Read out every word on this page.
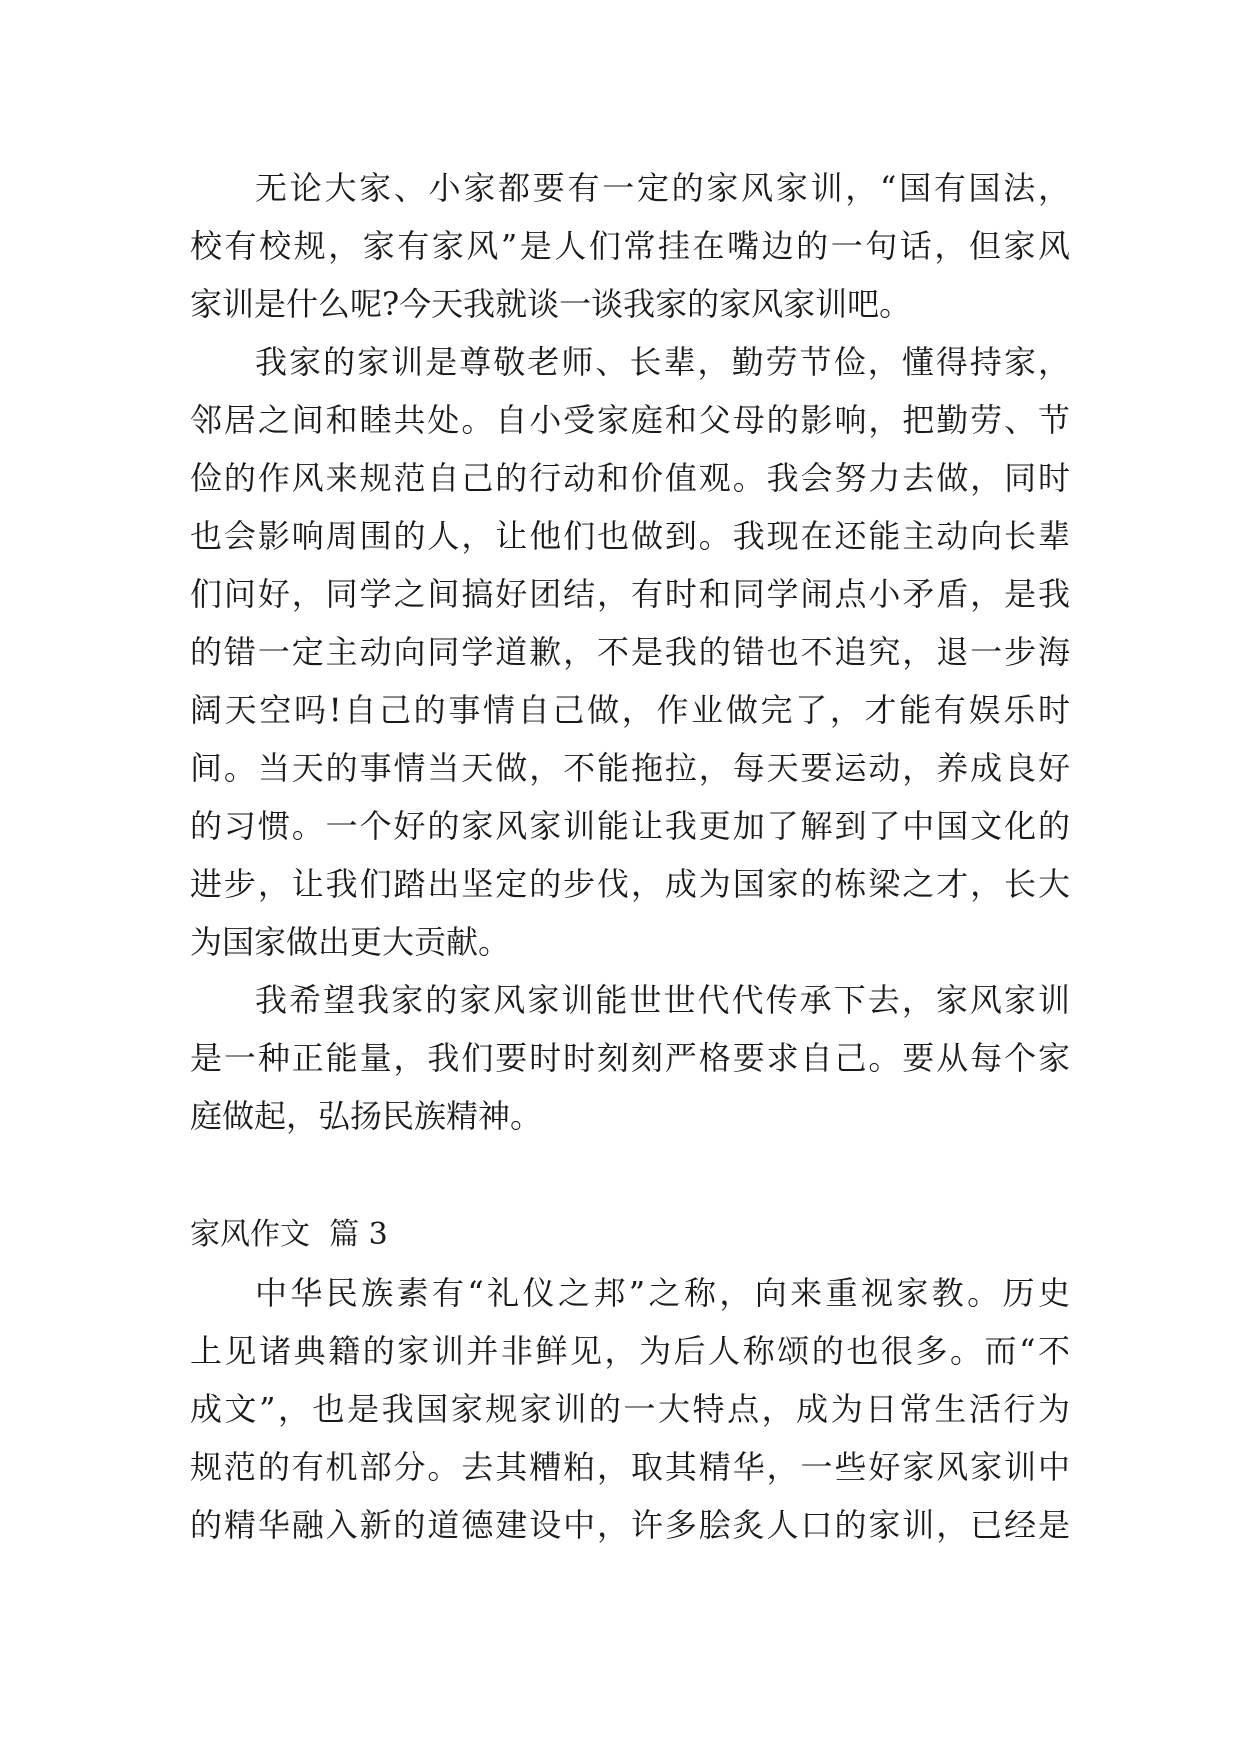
无论大家、小家都要有一定的家风家训，“国有国法，
校有校规，家有家风”是人们常挂在嘴边的一句话，但家风
家训是什么呢?今天我就谈一谈我家的家风家训吧。
我家的家训是尊敬老师、长辈，勤劳节俭，懂得持家，
邻居之间和睦共处。自小受家庭和父母的影响，把勤劳、节
俭的作风来规范自己的行动和价值观。我会努力去做，同时
也会影响周围的人，让他们也做到。我现在还能主动向长辈
们问好，同学之间搞好团结，有时和同学闹点小矛盾，是我
的错一定主动向同学道歉，不是我的错也不追究，退一步海
阔天空吗!自己的事情自己做，作业做完了，才能有娱乐时
间。当天的事情当天做，不能拖拉，每天要运动，养成良好
的习惯。一个好的家风家训能让我更加了解到了中国文化的
进步，让我们踏出坚定的步伐，成为国家的栋梁之才，长大
为国家做出更大贡献。
我希望我家的家风家训能世世代代传承下去，家风家训
是一种正能量，我们要时时刻刻严格要求自己。要从每个家
庭做起，弘扬民族精神。
家风作文  篇 3
中华民族素有“礼仪之邦”之称，向来重视家教。历史
上见诸典籍的家训并非鲜见，为后人称颂的也很多。而“不
成文”，也是我国家规家训的一大特点，成为日常生活行为
规范的有机部分。去其糟粕，取其精华，一些好家风家训中
的精华融入新的道德建设中，许多脍炙人口的家训，已经是
